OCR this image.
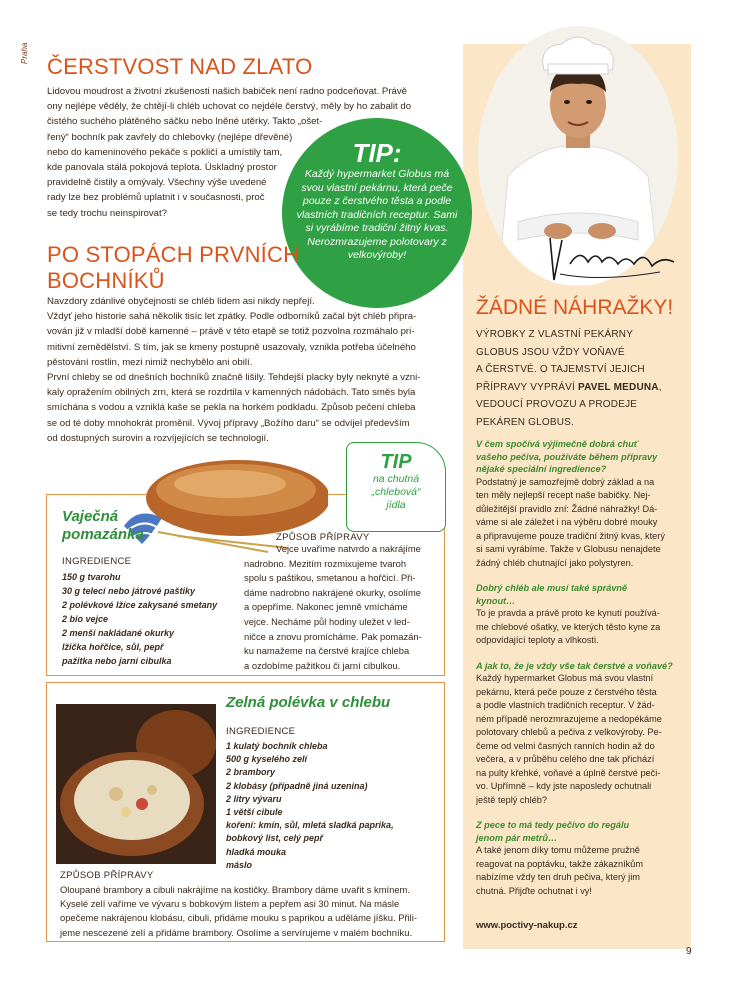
Praha
ČERSTVOST NAD ZLATO
Lidovou moudrost a životní zkušenosti našich babiček není radno podceňovat. Právě
ony nejlépe věděly, že chtějí-li chléb uchovat co nejdéle čerstvý, měly by ho zabalit do
čistého suchého plátěného sáčku nebo lněné utěrky. Takto „ošet-
řený“ bochník pak zavřely do chlebovky (nejlépe dřevěné)
nebo do kameninového pekáče s pokličí a umístily tam,
kde panovala stálá pokojová teplota. Úskladný prostor
pravidelně čistily a omývaly. Všechny výše uvedené
rady lze bez problémů uplatnit i v současnosti, proč
se tedy trochu neinspirovat?
TIP:
Každý hypermarket Globus má svou vlastní pekárnu, která peče pouze z čerstvého těsta a podle vlastních tradičních receptur. Sami si vyrábíme tradiční žitný kvas. Nerozmrazujeme polotovary z velkovýroby!
PO STOPÁCH PRVNÍCH
BOCHNÍKŮ
Navzdory zdánlivé obyčejnosti se chléb lidem asi nikdy nepřejí.
Vždyť jeho historie sahá několik tisíc let zpátky. Podle odborníků začal být chléb připra-
vován již v mladší době kamenné – právě v této etapě se totiž pozvolna rozmáhalo pri-
mitivní zemědělství. S tím, jak se kmeny postupně usazovaly, vznikla potřeba účelného
pěstování rostlin, mezi nimiž nechybělo ani obilí.
První chleby se od dnešních bochníků značně lišily. Tehdejší placky byly neknyté a vzni-
kaly opražením obilných zrn, která se rozdrtila v kamenných nádobách. Tato směs byla
smíchána s vodou a vzniklá kaše se pekla na horkém podkladu. Způsob pečení chleba
se od té doby mnohokrát proměnil. Vývoj přípravy „Božího daru“ se odvíjel především
od dostupných surovin a rozvíjejících se technologií.
Vaječná
pomazánka
INGREDIENCE
150 g tvarohu
30 g telecí nebo játrové paštiky
2 polévkové lžíce zakysané smetany
2 bio vejce
2 menší nakládané okurky
lžička hořčice, sůl, pepř
pažitka nebo jarní cibulka
ZPŮSOB PŘÍPRAVY
Vejce uvaříme natvrdo a nakrájíme
nadrobno. Mezitím rozmixujeme tvaroh
spolu s paštikou, smetanou a hořčicí. Při-
dáme nadrobno nakrájené okurky, osolíme
a opepříme. Nakonec jemně vmícháme
vejce. Necháme půl hodiny uležet v led-
ničce a znovu promícháme. Pak pomazán-
ku namažeme na čerstvé krajíce chleba
a ozdobíme pažitkou či jarní cibulkou.
TIP
na chutná
„chlebová“
jídla
Zelná polévka v chlebu
INGREDIENCE
1 kulatý bochník chleba
500 g kyselého zelí
2 brambory
2 klobásy (případně jiná uzenina)
2 litry vývaru
1 větší cibule
koření: kmín, sůl, mletá sladká paprika,
bobkový list, celý pepř
hladká mouka
máslo
ZPŮSOB PŘÍPRAVY
Oloupané brambory a cibuli nakrájíme na kostičky. Brambory dáme uvařit s kmínem.
Kyselé zelí vaříme ve vývaru s bobkovým listem a pepřem asi 30 minut. Na másle
opečeme nakrájenou klobásu, cibuli, přidáme mouku s paprikou a uděláme jíšku. Přili-
jeme nescezené zelí a přidáme brambory. Osolíme a servírujeme v malém bochníku.
ŽÁDNÉ NÁHRAŽKY!
VÝROBKY Z VLASTNÍ PEKÁRNY
GLOBUS JSOU VŽDY VOŇAVÉ
A ČERSTVÉ. O TAJEMSTVÍ JEJICH
PŘÍPRAVY VYPRÁVÍ PAVEL MEDUNA,
VEDOUCÍ PROVOZU A PRODEJE
PEKÁREN GLOBUS.
V čem spočívá výjimečně dobrá chuť
vašeho pečiva, používáte během přípravy
nějaké speciální ingredience?
Podstatný je samozřejmě dobrý základ a na
ten měly nejlepší recept naše babičky. Nej-
důležitější pravidlo zní: Žádné náhražky! Dá-
váme si ale záležet i na výběru dobré mouky
a připravujeme pouze tradiční žitný kvas, který
si sami vyrábíme. Takže v Globusu nenajdete
žádný chléb chutnající jako polystyren.
Dobrý chléb ale musí také správně
kynout…
To je pravda a právě proto ke kynutí používá-
me chlebové ošatky, ve kterých těsto kyne za
odpovídající teploty a vlhkosti.
A jak to, že je vždy vše tak čerstvé a voňavé?
Každý hypermarket Globus má svou vlastní
pekárnu, která peče pouze z čerstvého těsta
a podle vlastních tradičních receptur. V žád-
ném případě nerozmrazujeme a nedopékáme
polotovary chlebů a pečiva z velkovýroby. Pe-
čeme od velmi časných ranních hodin až do
večera, a v průběhu celého dne tak přichází
na pulty křehké, voňavé a úplně čerstvé peči-
vo. Upřímně – kdy jste naposledy ochutnali
ještě teplý chléb?
Z pece to má tedy pečivo do regálu
jenom pár metrů…
A také jenom díky tomu můžeme pružně
reagovat na poptávku, takže zákazníkům
nabízíme vždy ten druh pečiva, který jim
chutná. Přijďte ochutnat i vy!
www.poctivy-nakup.cz
9
